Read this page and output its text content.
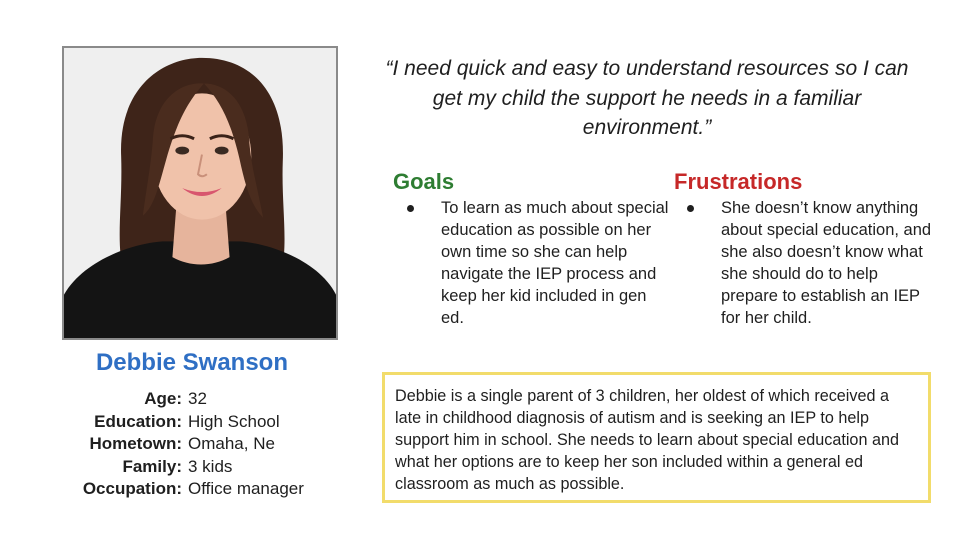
Debbie Swanson
Age: 32
Education: High School
Hometown: Omaha, Ne
Family: 3 kids
Occupation: Office manager
“I need quick and easy to understand resources so I can get my child the support he needs in a familiar environment.”
Goals
To learn as much about special education as possible on her own time so she can help navigate the IEP process and keep her kid included in gen ed.
Frustrations
She doesn’t know anything about special education, and she also doesn’t know what she should do to help prepare to establish an IEP for her child.
Debbie is a single parent of 3 children, her oldest of which received a late in childhood diagnosis of autism and is seeking an IEP to help support him in school. She needs to learn about special education and what her options are to keep her son included within a general ed classroom as much as possible.
